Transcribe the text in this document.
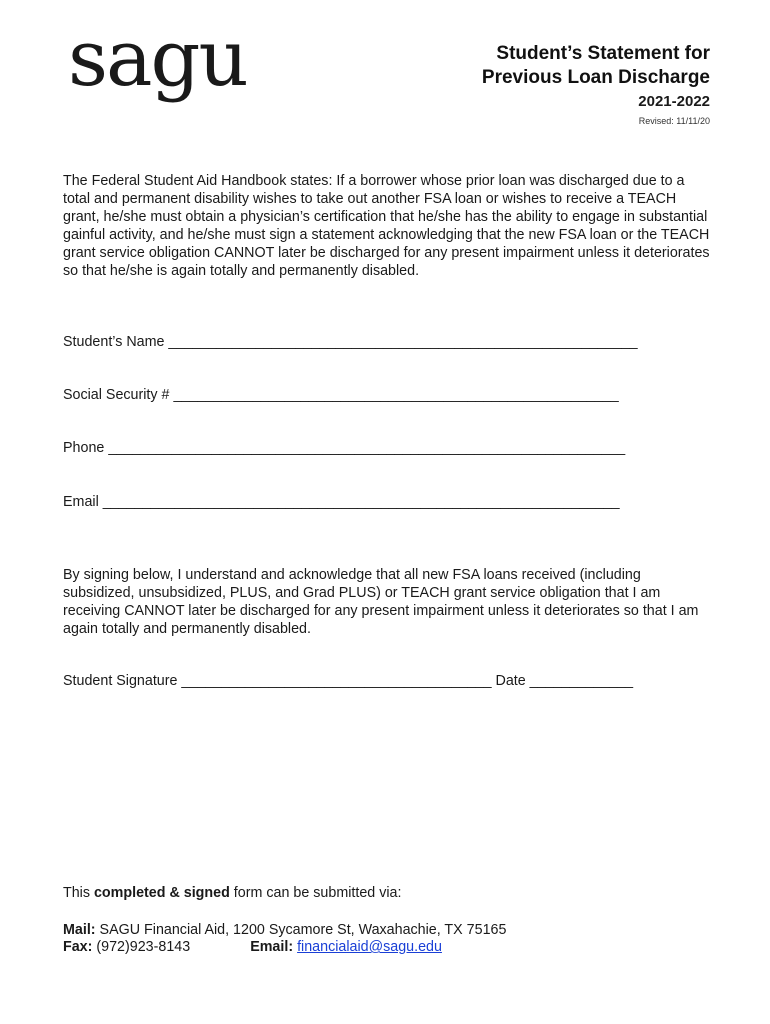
sagu	Student’s Statement for
Previous Loan Discharge
2021-2022
Revised: 11/11/20
The Federal Student Aid Handbook states: If a borrower whose prior loan was discharged due to a total and permanent disability wishes to take out another FSA loan or wishes to receive a TEACH grant, he/she must obtain a physician’s certification that he/she has the ability to engage in substantial gainful activity, and he/she must sign a statement acknowledging that the new FSA loan or the TEACH grant service obligation CANNOT later be discharged for any present impairment unless it deteriorates so that he/she is again totally and permanently disabled.
Student’s Name ___________________________________________________________
Social Security # ________________________________________________________
Phone _________________________________________________________________
Email _________________________________________________________________
By signing below, I understand and acknowledge that all new FSA loans received (including subsidized, unsubsidized, PLUS, and Grad PLUS) or TEACH grant service obligation that I am receiving CANNOT later be discharged for any present impairment unless it deteriorates so that I am again totally and permanently disabled.
Student Signature _______________________________________ Date _____________
This completed & signed form can be submitted via:
Mail: SAGU Financial Aid, 1200 Sycamore St, Waxahachie, TX 75165
Fax: (972)923-8143	Email: financialaid@sagu.edu
